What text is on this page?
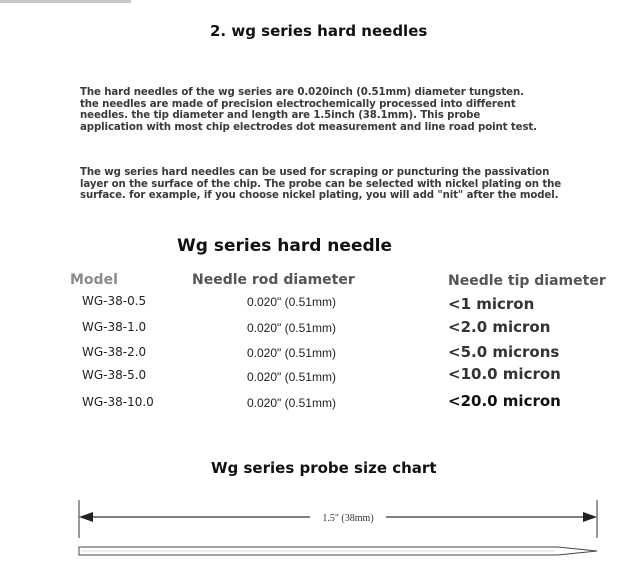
2. wg series hard needles
The hard needles of the wg series are 0.020inch (0.51mm) diameter tungsten.
the needles are made of precision electrochemically processed into different
needles. the tip diameter and length are 1.5inch (38.1mm). This probe
application with most chip electrodes dot measurement and line road point test.
The wg series hard needles can be used for scraping or puncturing the passivation
layer on the surface of the chip. The probe can be selected with nickel plating on the
surface. for example, if you choose nickel plating, you will add "nit" after the model.
Wg series hard needle
Model	Needle rod diameter	Needle tip diameter
WG-38-0.5	0.020" (0.51mm)	<1 micron
WG-38-1.0	0.020" (0.51mm)	<2.0 micron
WG-38-2.0	0.020" (0.51mm)	<5.0 microns
WG-38-5.0	0.020" (0.51mm)	<10.0 micron
WG-38-10.0	0.020" (0.51mm)	<20.0 micron
Wg series probe size chart
1.5" (38mm)
